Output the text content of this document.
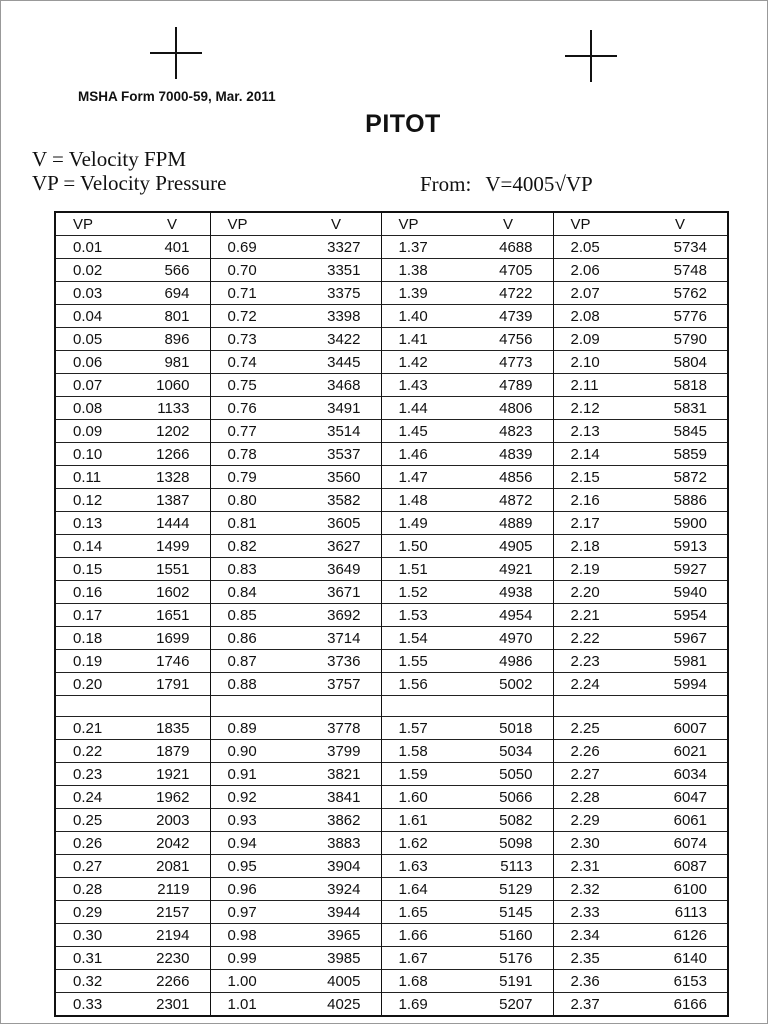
MSHA Form 7000-59, Mar. 2011
PITOT
V = Velocity FPM
VP = Velocity Pressure	From: V=4005√VP
VP	V	VP	V	VP	V	VP	V
0.01	401	0.69	3327	1.37	4688	2.05	5734
0.02	566	0.70	3351	1.38	4705	2.06	5748
0.03	694	0.71	3375	1.39	4722	2.07	5762
0.04	801	0.72	3398	1.40	4739	2.08	5776
0.05	896	0.73	3422	1.41	4756	2.09	5790
0.06	981	0.74	3445	1.42	4773	2.10	5804
0.07	1060	0.75	3468	1.43	4789	2.11	5818
0.08	1133	0.76	3491	1.44	4806	2.12	5831
0.09	1202	0.77	3514	1.45	4823	2.13	5845
0.10	1266	0.78	3537	1.46	4839	2.14	5859
0.11	1328	0.79	3560	1.47	4856	2.15	5872
0.12	1387	0.80	3582	1.48	4872	2.16	5886
0.13	1444	0.81	3605	1.49	4889	2.17	5900
0.14	1499	0.82	3627	1.50	4905	2.18	5913
0.15	1551	0.83	3649	1.51	4921	2.19	5927
0.16	1602	0.84	3671	1.52	4938	2.20	5940
0.17	1651	0.85	3692	1.53	4954	2.21	5954
0.18	1699	0.86	3714	1.54	4970	2.22	5967
0.19	1746	0.87	3736	1.55	4986	2.23	5981
0.20	1791	0.88	3757	1.56	5002	2.24	5994

0.21	1835	0.89	3778	1.57	5018	2.25	6007
0.22	1879	0.90	3799	1.58	5034	2.26	6021
0.23	1921	0.91	3821	1.59	5050	2.27	6034
0.24	1962	0.92	3841	1.60	5066	2.28	6047
0.25	2003	0.93	3862	1.61	5082	2.29	6061
0.26	2042	0.94	3883	1.62	5098	2.30	6074
0.27	2081	0.95	3904	1.63	5113	2.31	6087
0.28	2119	0.96	3924	1.64	5129	2.32	6100
0.29	2157	0.97	3944	1.65	5145	2.33	6113
0.30	2194	0.98	3965	1.66	5160	2.34	6126
0.31	2230	0.99	3985	1.67	5176	2.35	6140
0.32	2266	1.00	4005	1.68	5191	2.36	6153
0.33	2301	1.01	4025	1.69	5207	2.37	6166
